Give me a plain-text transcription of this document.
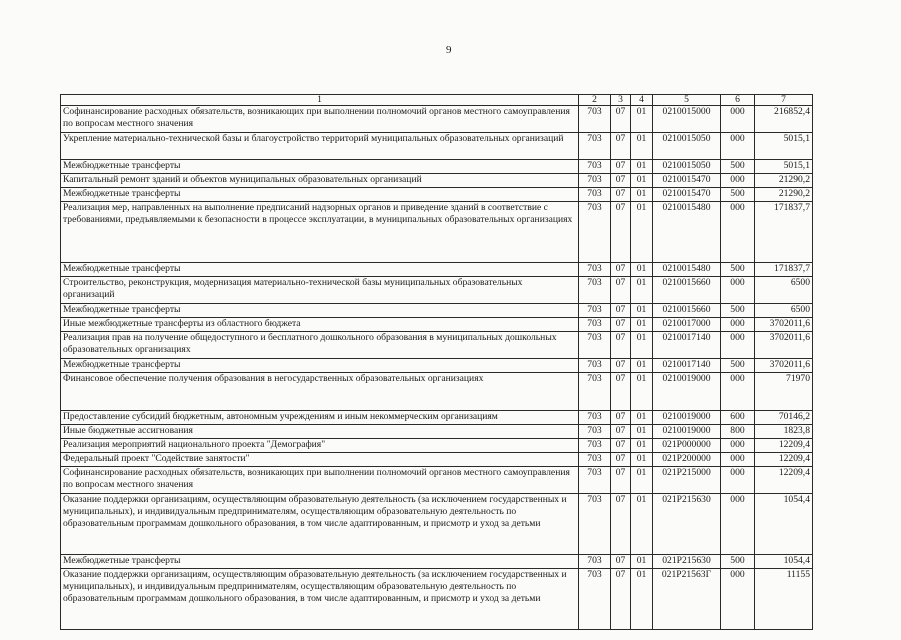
9
1	2	3	4	5	6	7
Софинансирование расходных обязательств, возникающих при выполнении полномочий органов местного самоуправления по вопросам местного значения	703	07	01	0210015000	000	216852,4
Укрепление материально-технической базы и благоустройство территорий муниципальных образовательных организаций	703	07	01	0210015050	000	5015,1
Межбюджетные трансферты	703	07	01	0210015050	500	5015,1
Капитальный ремонт зданий и объектов муниципальных образовательных организаций	703	07	01	0210015470	000	21290,2
Межбюджетные трансферты	703	07	01	0210015470	500	21290,2
Реализация мер, направленных на выполнение предписаний надзорных органов и приведение зданий в соответствие с требованиями, предъявляемыми к безопасности в процессе эксплуатации, в муниципальных образовательных организациях	703	07	01	0210015480	000	171837,7
Межбюджетные трансферты	703	07	01	0210015480	500	171837,7
Строительство, реконструкция, модернизация материально-технической базы муниципальных образовательных организаций	703	07	01	0210015660	000	6500
Межбюджетные трансферты	703	07	01	0210015660	500	6500
Иные межбюджетные трансферты из областного бюджета	703	07	01	0210017000	000	3702011,6
Реализация прав на получение общедоступного и бесплатного дошкольного образования в муниципальных дошкольных образовательных организациях	703	07	01	0210017140	000	3702011,6
Межбюджетные трансферты	703	07	01	0210017140	500	3702011,6
Финансовое обеспечение получения образования в негосударственных образовательных организациях	703	07	01	0210019000	000	71970
Предоставление субсидий бюджетным, автономным учреждениям и иным некоммерческим организациям	703	07	01	0210019000	600	70146,2
Иные бюджетные ассигнования	703	07	01	0210019000	800	1823,8
Реализация мероприятий национального проекта "Демография"	703	07	01	021P000000	000	12209,4
Федеральный проект "Содействие занятости"	703	07	01	021P200000	000	12209,4
Софинансирование расходных обязательств, возникающих при выполнении полномочий органов местного самоуправления по вопросам местного значения	703	07	01	021P215000	000	12209,4
Оказание поддержки организациям, осуществляющим образовательную деятельность (за исключением государственных и муниципальных), и индивидуальным предпринимателям, осуществляющим образовательную деятельность по образовательным программам дошкольного образования, в том числе адаптированным, и присмотр и уход за детьми	703	07	01	021P215630	000	1054,4
Межбюджетные трансферты	703	07	01	021P215630	500	1054,4
Оказание поддержки организациям, осуществляющим образовательную деятельность (за исключением государственных и муниципальных), и индивидуальным предпринимателям, осуществляющим образовательную деятельность по образовательным программам дошкольного образования, в том числе адаптированным, и присмотр и уход за детьми	703	07	01	021P21563Г	000	11155
